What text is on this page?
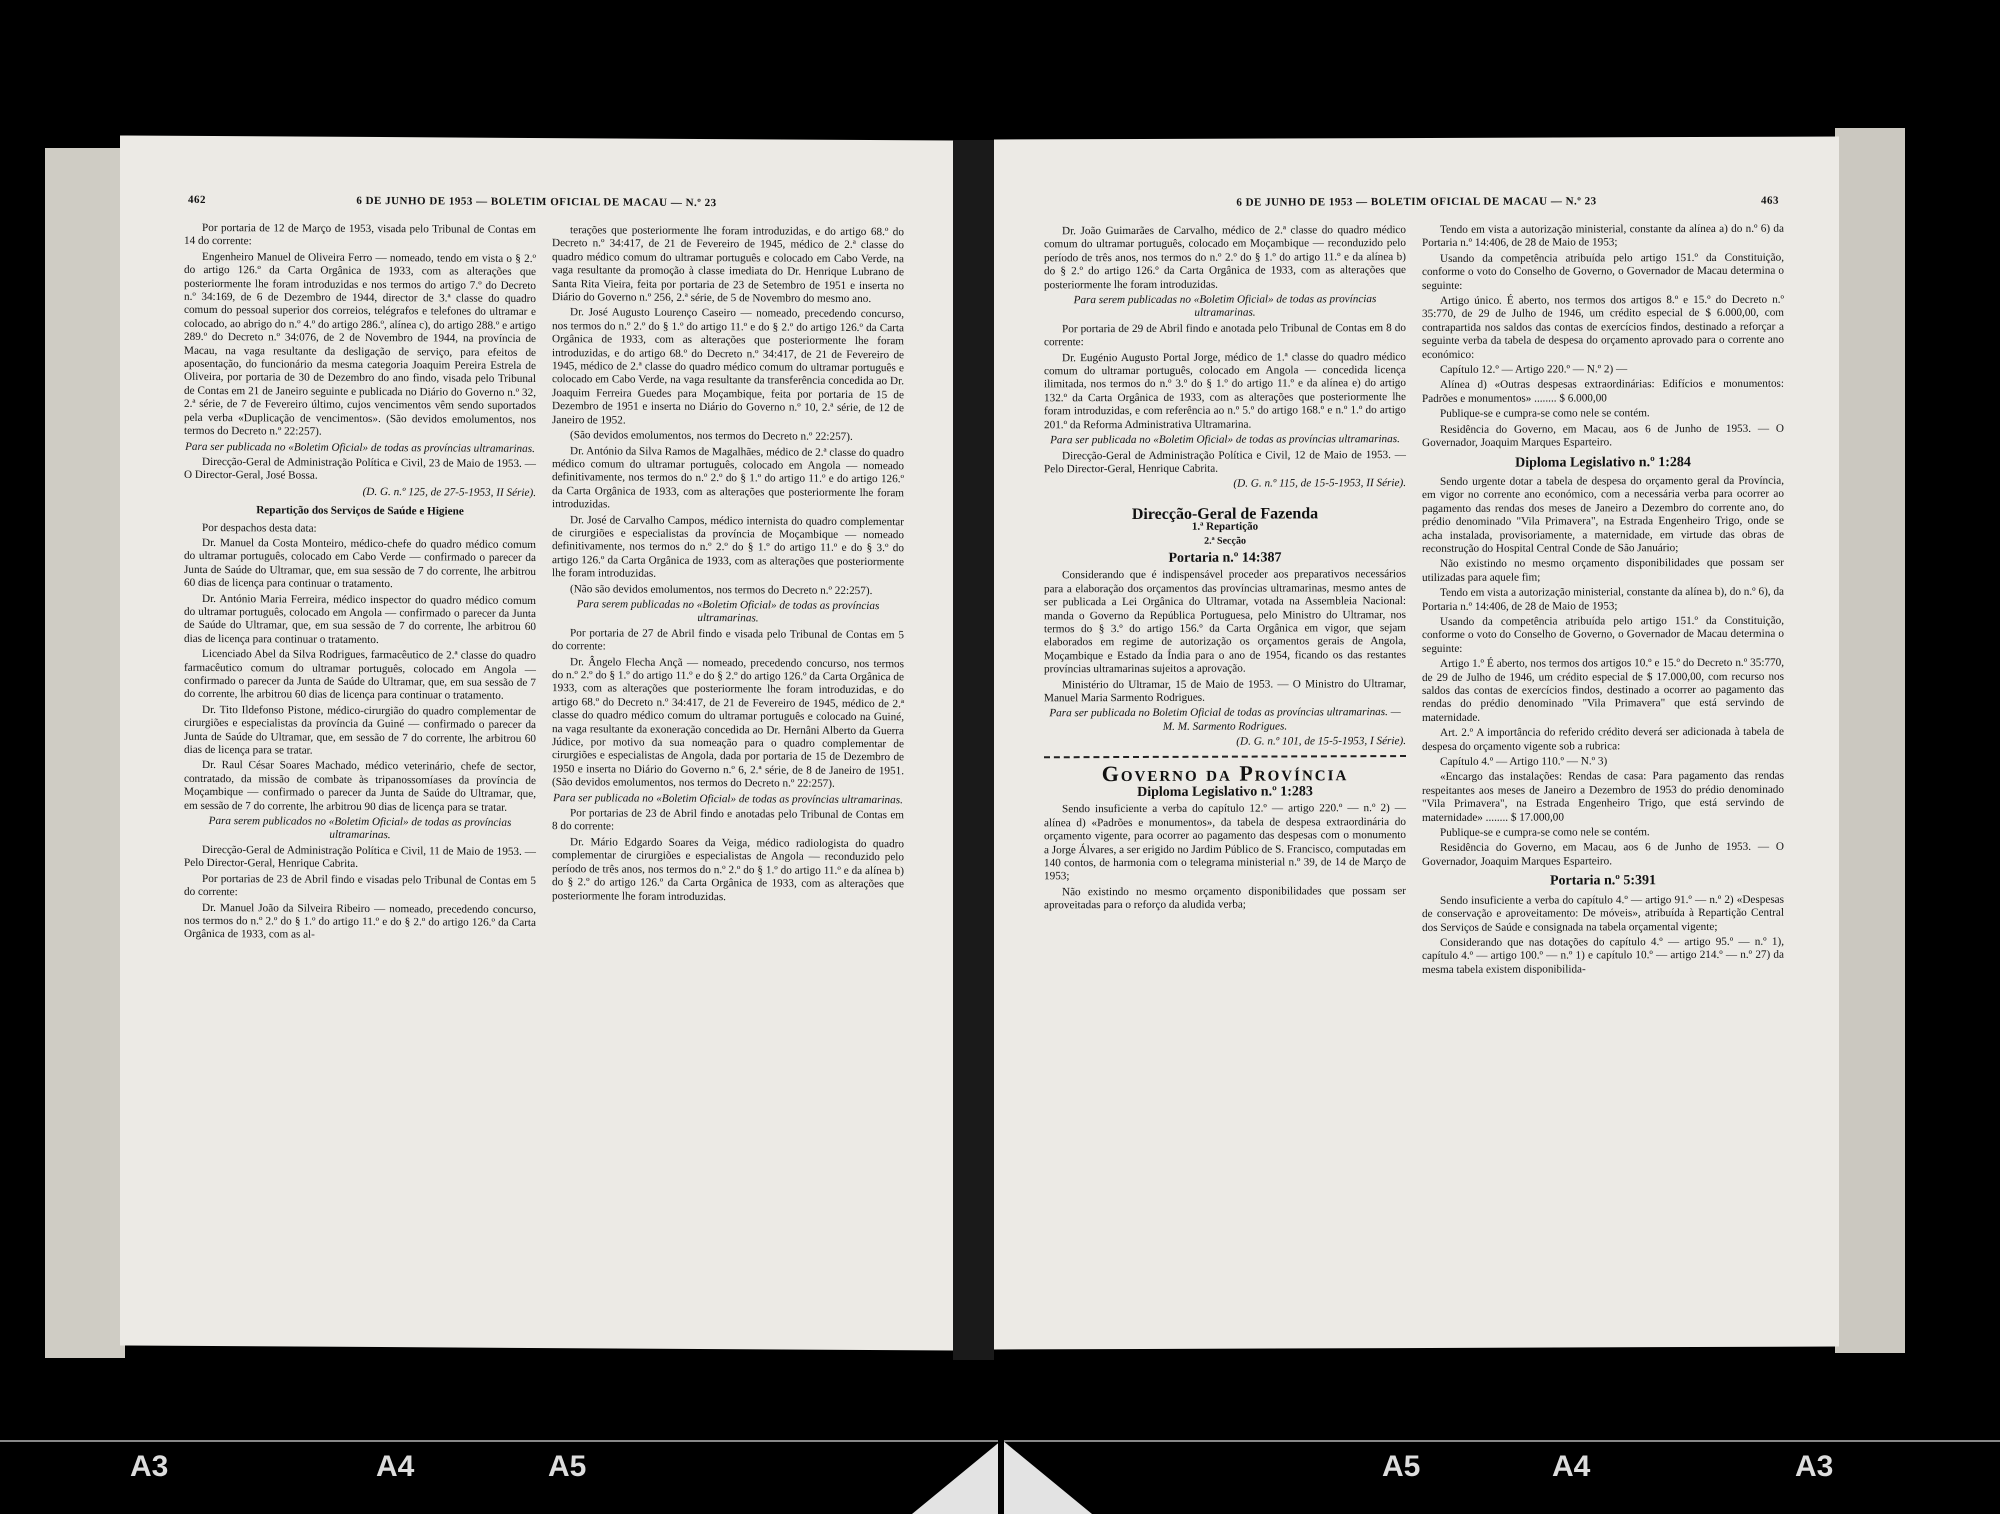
462	6 DE JUNHO DE 1953 — BOLETIM OFICIAL DE MACAU — N.º 23

Por portaria de 12 de Março de 1953, visada pelo Tribunal de Contas em 14 do corrente:

Engenheiro Manuel de Oliveira Ferro — nomeado, tendo em vista o § 2.º do artigo 126.º da Carta Orgânica de 1933, com as alterações que posteriormente lhe foram introduzidas e nos termos do artigo 7.º do Decreto n.º 34:169, de 6 de Dezembro de 1944, director de 3.ª classe do quadro comum do pessoal superior dos correios, telégrafos e telefones do ultramar e colocado, ao abrigo do n.º 4.º do artigo 286.º, alínea c), do artigo 288.º e artigo 289.º do Decreto n.º 34:076, de 2 de Novembro de 1944, na província de Macau, na vaga resultante da desligação de serviço, para efeitos de aposentação, do funcionário da mesma categoria Joaquim Pereira Estrela de Oliveira, por portaria de 30 de Dezembro do ano findo, visada pelo Tribunal de Contas em 21 de Janeiro seguinte e publicada no Diário do Governo n.º 32, 2.ª série, de 7 de Fevereiro último, cujos vencimentos vêm sendo suportados pela verba «Duplicação de vencimentos». (São devidos emolumentos, nos termos do Decreto n.º 22:257).

Para ser publicada no «Boletim Oficial» de todas as províncias ultramarinas.

Direcção-Geral de Administração Política e Civil, 23 de Maio de 1953. — O Director-Geral, José Bossa.

(D. G. n.º 125, de 27-5-1953, II Série).

Repartição dos Serviços de Saúde e Higiene

Por despachos desta data:

Dr. Manuel da Costa Monteiro, médico-chefe do quadro médico comum do ultramar português, colocado em Cabo Verde — confirmado o parecer da Junta de Saúde do Ultramar, que, em sua sessão de 7 do corrente, lhe arbitrou 60 dias de licença para continuar o tratamento.

Dr. António Maria Ferreira, médico inspector do quadro médico comum do ultramar português, colocado em Angola — confirmado o parecer da Junta de Saúde do Ultramar, que, em sua sessão de 7 do corrente, lhe arbitrou 60 dias de licença para continuar o tratamento.

Licenciado Abel da Silva Rodrigues, farmacêutico de 2.ª classe do quadro farmacêutico comum do ultramar português, colocado em Angola — confirmado o parecer da Junta de Saúde do Ultramar, que, em sua sessão de 7 do corrente, lhe arbitrou 60 dias de licença para continuar o tratamento.

Dr. Tito Ildefonso Pistone, médico-cirurgião do quadro complementar de cirurgiões e especialistas da província da Guiné — confirmado o parecer da Junta de Saúde do Ultramar, que, em sessão de 7 do corrente, lhe arbitrou 60 dias de licença para se tratar.

Dr. Raul César Soares Machado, médico veterinário, chefe de sector, contratado, da missão de combate às tripanossomíases da província de Moçambique — confirmado o parecer da Junta de Saúde do Ultramar, que, em sessão de 7 do corrente, lhe arbitrou 90 dias de licença para se tratar.

Para serem publicados no «Boletim Oficial» de todas as províncias ultramarinas.

Direcção-Geral de Administração Política e Civil, 11 de Maio de 1953. — Pelo Director-Geral, Henrique Cabrita.

Por portarias de 23 de Abril findo e visadas pelo Tribunal de Contas em 5 do corrente:

Dr. Manuel João da Silveira Ribeiro — nomeado, precedendo concurso, nos termos do n.º 2.º do § 1.º do artigo 11.º e do § 2.º do artigo 126.º da Carta Orgânica de 1933, com as al-

terações que posteriormente lhe foram introduzidas, e do artigo 68.º do Decreto n.º 34:417, de 21 de Fevereiro de 1945, médico de 2.ª classe do quadro médico comum do ultramar português e colocado em Cabo Verde, na vaga resultante da promoção à classe imediata do Dr. Henrique Lubrano de Santa Rita Vieira, feita por portaria de 23 de Setembro de 1951 e inserta no Diário do Governo n.º 256, 2.ª série, de 5 de Novembro do mesmo ano.

Dr. José Augusto Lourenço Caseiro — nomeado, precedendo concurso, nos termos do n.º 2.º do § 1.º do artigo 11.º e do § 2.º do artigo 126.º da Carta Orgânica de 1933, com as alterações que posteriormente lhe foram introduzidas, e do artigo 68.º do Decreto n.º 34:417, de 21 de Fevereiro de 1945, médico de 2.ª classe do quadro médico comum do ultramar português e colocado em Cabo Verde, na vaga resultante da transferência concedida ao Dr. Joaquim Ferreira Guedes para Moçambique, feita por portaria de 15 de Dezembro de 1951 e inserta no Diário do Governo n.º 10, 2.ª série, de 12 de Janeiro de 1952.

(São devidos emolumentos, nos termos do Decreto n.º 22:257).

Dr. António da Silva Ramos de Magalhães, médico de 2.ª classe do quadro médico comum do ultramar português, colocado em Angola — nomeado definitivamente, nos termos do n.º 2.º do § 1.º do artigo 11.º e do artigo 126.º da Carta Orgânica de 1933, com as alterações que posteriormente lhe foram introduzidas.

Dr. José de Carvalho Campos, médico internista do quadro complementar de cirurgiões e especialistas da província de Moçambique — nomeado definitivamente, nos termos do n.º 2.º do § 1.º do artigo 11.º e do § 3.º do artigo 126.º da Carta Orgânica de 1933, com as alterações que posteriormente lhe foram introduzidas.

(Não são devidos emolumentos, nos termos do Decreto n.º 22:257).

Para serem publicadas no «Boletim Oficial» de todas as províncias ultramarinas.

Por portaria de 27 de Abril findo e visada pelo Tribunal de Contas em 5 do corrente:

Dr. Ângelo Flecha Ançã — nomeado, precedendo concurso, nos termos do n.º 2.º do § 1.º do artigo 11.º e do § 2.º do artigo 126.º da Carta Orgânica de 1933, com as alterações que posteriormente lhe foram introduzidas, e do artigo 68.º do Decreto n.º 34:417, de 21 de Fevereiro de 1945, médico de 2.ª classe do quadro médico comum do ultramar português e colocado na Guiné, na vaga resultante da exoneração concedida ao Dr. Hernâni Alberto da Guerra Júdice, por motivo da sua nomeação para o quadro complementar de cirurgiões e especialistas de Angola, dada por portaria de 15 de Dezembro de 1950 e inserta no Diário do Governo n.º 6, 2.ª série, de 8 de Janeiro de 1951. (São devidos emolumentos, nos termos do Decreto n.º 22:257).

Para ser publicada no «Boletim Oficial» de todas as províncias ultramarinas.

Por portarias de 23 de Abril findo e anotadas pelo Tribunal de Contas em 8 do corrente:

Dr. Mário Edgardo Soares da Veiga, médico radiologista do quadro complementar de cirurgiões e especialistas de Angola — reconduzido pelo período de três anos, nos termos do n.º 2.º do § 1.º do artigo 11.º e da alínea b) do § 2.º do artigo 126.º da Carta Orgânica de 1933, com as alterações que posteriormente lhe foram introduzidas.

6 DE JUNHO DE 1953 — BOLETIM OFICIAL DE MACAU — N.º 23	463

Dr. João Guimarães de Carvalho, médico de 2.ª classe do quadro médico comum do ultramar português, colocado em Moçambique — reconduzido pelo período de três anos, nos termos do n.º 2.º do § 1.º do artigo 11.º e da alínea b) do § 2.º do artigo 126.º da Carta Orgânica de 1933, com as alterações que posteriormente lhe foram introduzidas.

Para serem publicadas no «Boletim Oficial» de todas as províncias ultramarinas.

Por portaria de 29 de Abril findo e anotada pelo Tribunal de Contas em 8 do corrente:

Dr. Eugénio Augusto Portal Jorge, médico de 1.ª classe do quadro médico comum do ultramar português, colocado em Angola — concedida licença ilimitada, nos termos do n.º 3.º do § 1.º do artigo 11.º e da alínea e) do artigo 132.º da Carta Orgânica de 1933, com as alterações que posteriormente lhe foram introduzidas, e com referência ao n.º 5.º do artigo 168.º e n.º 1.º do artigo 201.º da Reforma Administrativa Ultramarina.

Para ser publicada no «Boletim Oficial» de todas as províncias ultramarinas.

Direcção-Geral de Administração Política e Civil, 12 de Maio de 1953. — Pelo Director-Geral, Henrique Cabrita.

(D. G. n.º 115, de 15-5-1953, II Série).

Direcção-Geral de Fazenda
1.ª Repartição
2.ª Secção
Portaria n.º 14:387

Considerando que é indispensável proceder aos preparativos necessários para a elaboração dos orçamentos das províncias ultramarinas, mesmo antes de ser publicada a Lei Orgânica do Ultramar, votada na Assembleia Nacional: manda o Governo da República Portuguesa, pelo Ministro do Ultramar, nos termos do § 3.º do artigo 156.º da Carta Orgânica em vigor, que sejam elaborados em regime de autorização os orçamentos gerais de Angola, Moçambique e Estado da Índia para o ano de 1954, ficando os das restantes províncias ultramarinas sujeitos a aprovação.

Ministério do Ultramar, 15 de Maio de 1953. — O Ministro do Ultramar, Manuel Maria Sarmento Rodrigues.

Para ser publicada no Boletim Oficial de todas as províncias ultramarinas. — M. M. Sarmento Rodrigues.

(D. G. n.º 101, de 15-5-1953, I Série).

Governo da Província
Diploma Legislativo n.º 1:283

Sendo insuficiente a verba do capítulo 12.º — artigo 220.º — n.º 2) — alínea d) «Padrões e monumentos», da tabela de despesa extraordinária do orçamento vigente, para ocorrer ao pagamento das despesas com o monumento a Jorge Álvares, a ser erigido no Jardim Público de S. Francisco, computadas em 140 contos, de harmonia com o telegrama ministerial n.º 39, de 14 de Março de 1953;

Não existindo no mesmo orçamento disponibilidades que possam ser aproveitadas para o reforço da aludida verba;

Tendo em vista a autorização ministerial, constante da alínea a) do n.º 6) da Portaria n.º 14:406, de 28 de Maio de 1953;

Usando da competência atribuída pelo artigo 151.º da Constituição, conforme o voto do Conselho de Governo, o Governador de Macau determina o seguinte:

Artigo único. É aberto, nos termos dos artigos 8.º e 15.º do Decreto n.º 35:770, de 29 de Julho de 1946, um crédito especial de $ 6.000,00, com contrapartida nos saldos das contas de exercícios findos, destinado a reforçar a seguinte verba da tabela de despesa do orçamento aprovado para o corrente ano económico:

Capítulo 12.º — Artigo 220.º — N.º 2) —

Alínea d) «Outras despesas extraordinárias: Edifícios e monumentos: Padrões e monumentos» ........ $ 6.000,00

Publique-se e cumpra-se como nele se contém.

Residência do Governo, em Macau, aos 6 de Junho de 1953. — O Governador, Joaquim Marques Esparteiro.

Diploma Legislativo n.º 1:284

Sendo urgente dotar a tabela de despesa do orçamento geral da Província, em vigor no corrente ano económico, com a necessária verba para ocorrer ao pagamento das rendas dos meses de Janeiro a Dezembro do corrente ano, do prédio denominado "Vila Primavera", na Estrada Engenheiro Trigo, onde se acha instalada, provisoriamente, a maternidade, em virtude das obras de reconstrução do Hospital Central Conde de São Januário;

Não existindo no mesmo orçamento disponibilidades que possam ser utilizadas para aquele fim;

Tendo em vista a autorização ministerial, constante da alínea b), do n.º 6), da Portaria n.º 14:406, de 28 de Maio de 1953;

Usando da competência atribuída pelo artigo 151.º da Constituição, conforme o voto do Conselho de Governo, o Governador de Macau determina o seguinte:

Artigo 1.º É aberto, nos termos dos artigos 10.º e 15.º do Decreto n.º 35:770, de 29 de Julho de 1946, um crédito especial de $ 17.000,00, com recurso nos saldos das contas de exercícios findos, destinado a ocorrer ao pagamento das rendas do prédio denominado "Vila Primavera" que está servindo de maternidade.

Art. 2.º A importância do referido crédito deverá ser adicionada à tabela de despesa do orçamento vigente sob a rubrica:

Capítulo 4.º — Artigo 110.º — N.º 3)

«Encargo das instalações: Rendas de casa: Para pagamento das rendas respeitantes aos meses de Janeiro a Dezembro de 1953 do prédio denominado "Vila Primavera", na Estrada Engenheiro Trigo, que está servindo de maternidade» ........ $ 17.000,00

Publique-se e cumpra-se como nele se contém.

Residência do Governo, em Macau, aos 6 de Junho de 1953. — O Governador, Joaquim Marques Esparteiro.

Portaria n.º 5:391

Sendo insuficiente a verba do capítulo 4.º — artigo 91.º — n.º 2) «Despesas de conservação e aproveitamento: De móveis», atribuída à Repartição Central dos Serviços de Saúde e consignada na tabela orçamental vigente;

Considerando que nas dotações do capítulo 4.º — artigo 95.º — n.º 1), capítulo 4.º — artigo 100.º — n.º 1) e capítulo 10.º — artigo 214.º — n.º 27) da mesma tabela existem disponibilida-

A3	A4	A5	A5	A4	A3
